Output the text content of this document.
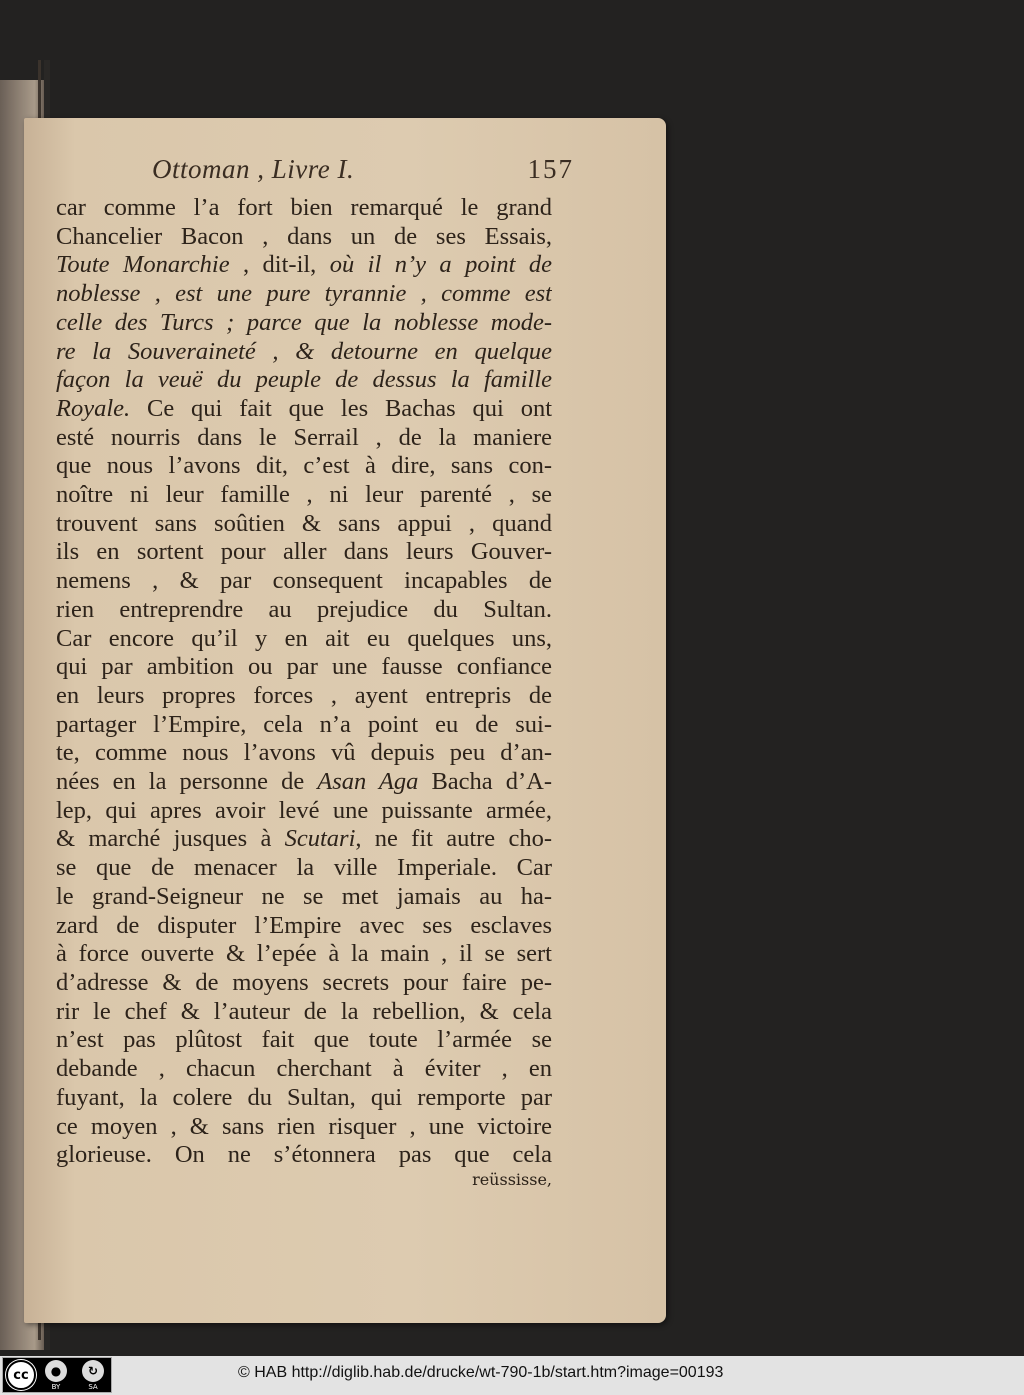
Ottoman , Livre I.	157
car comme l’a fort bien remarqué le grand
Chancelier Bacon , dans un de ses Essais,
Toute Monarchie , dit-il, où il n’y a point de
noblesse , est une pure tyrannie , comme est
celle des Turcs ; parce que la noblesse mode-
re la Souveraineté , & detourne en quelque
façon la veuë du peuple de dessus la famille
Royale. Ce qui fait que les Bachas qui ont
esté nourris dans le Serrail , de la maniere
que nous l’avons dit, c’est à dire, sans con-
noître ni leur famille , ni leur parenté , se
trouvent sans soûtien & sans appui , quand
ils en sortent pour aller dans leurs Gouver-
nemens , & par consequent incapables de
rien entreprendre au prejudice du Sultan.
Car encore qu’il y en ait eu quelques uns,
qui par ambition ou par une fausse confiance
en leurs propres forces , ayent entrepris de
partager l’Empire, cela n’a point eu de sui-
te, comme nous l’avons vû depuis peu d’an-
nées en la personne de Asan Aga Bacha d’A-
lep, qui apres avoir levé une puissante armée,
& marché jusques à Scutari, ne fit autre cho-
se que de menacer la ville Imperiale. Car
le grand-Seigneur ne se met jamais au ha-
zard de disputer l’Empire avec ses esclaves
à force ouverte & l’epée à la main , il se sert
d’adresse & de moyens secrets pour faire pe-
rir le chef & l’auteur de la rebellion, & cela
n’est pas plûtost fait que toute l’armée se
debande , chacun cherchant à éviter , en
fuyant, la colere du Sultan, qui remporte par
ce moyen , & sans rien risquer , une victoire
glorieuse. On ne s’étonnera pas que cela
reüssisse,
cc	●
BY
↻
SA
© HAB http://diglib.hab.de/drucke/wt-790-1b/start.htm?image=00193
